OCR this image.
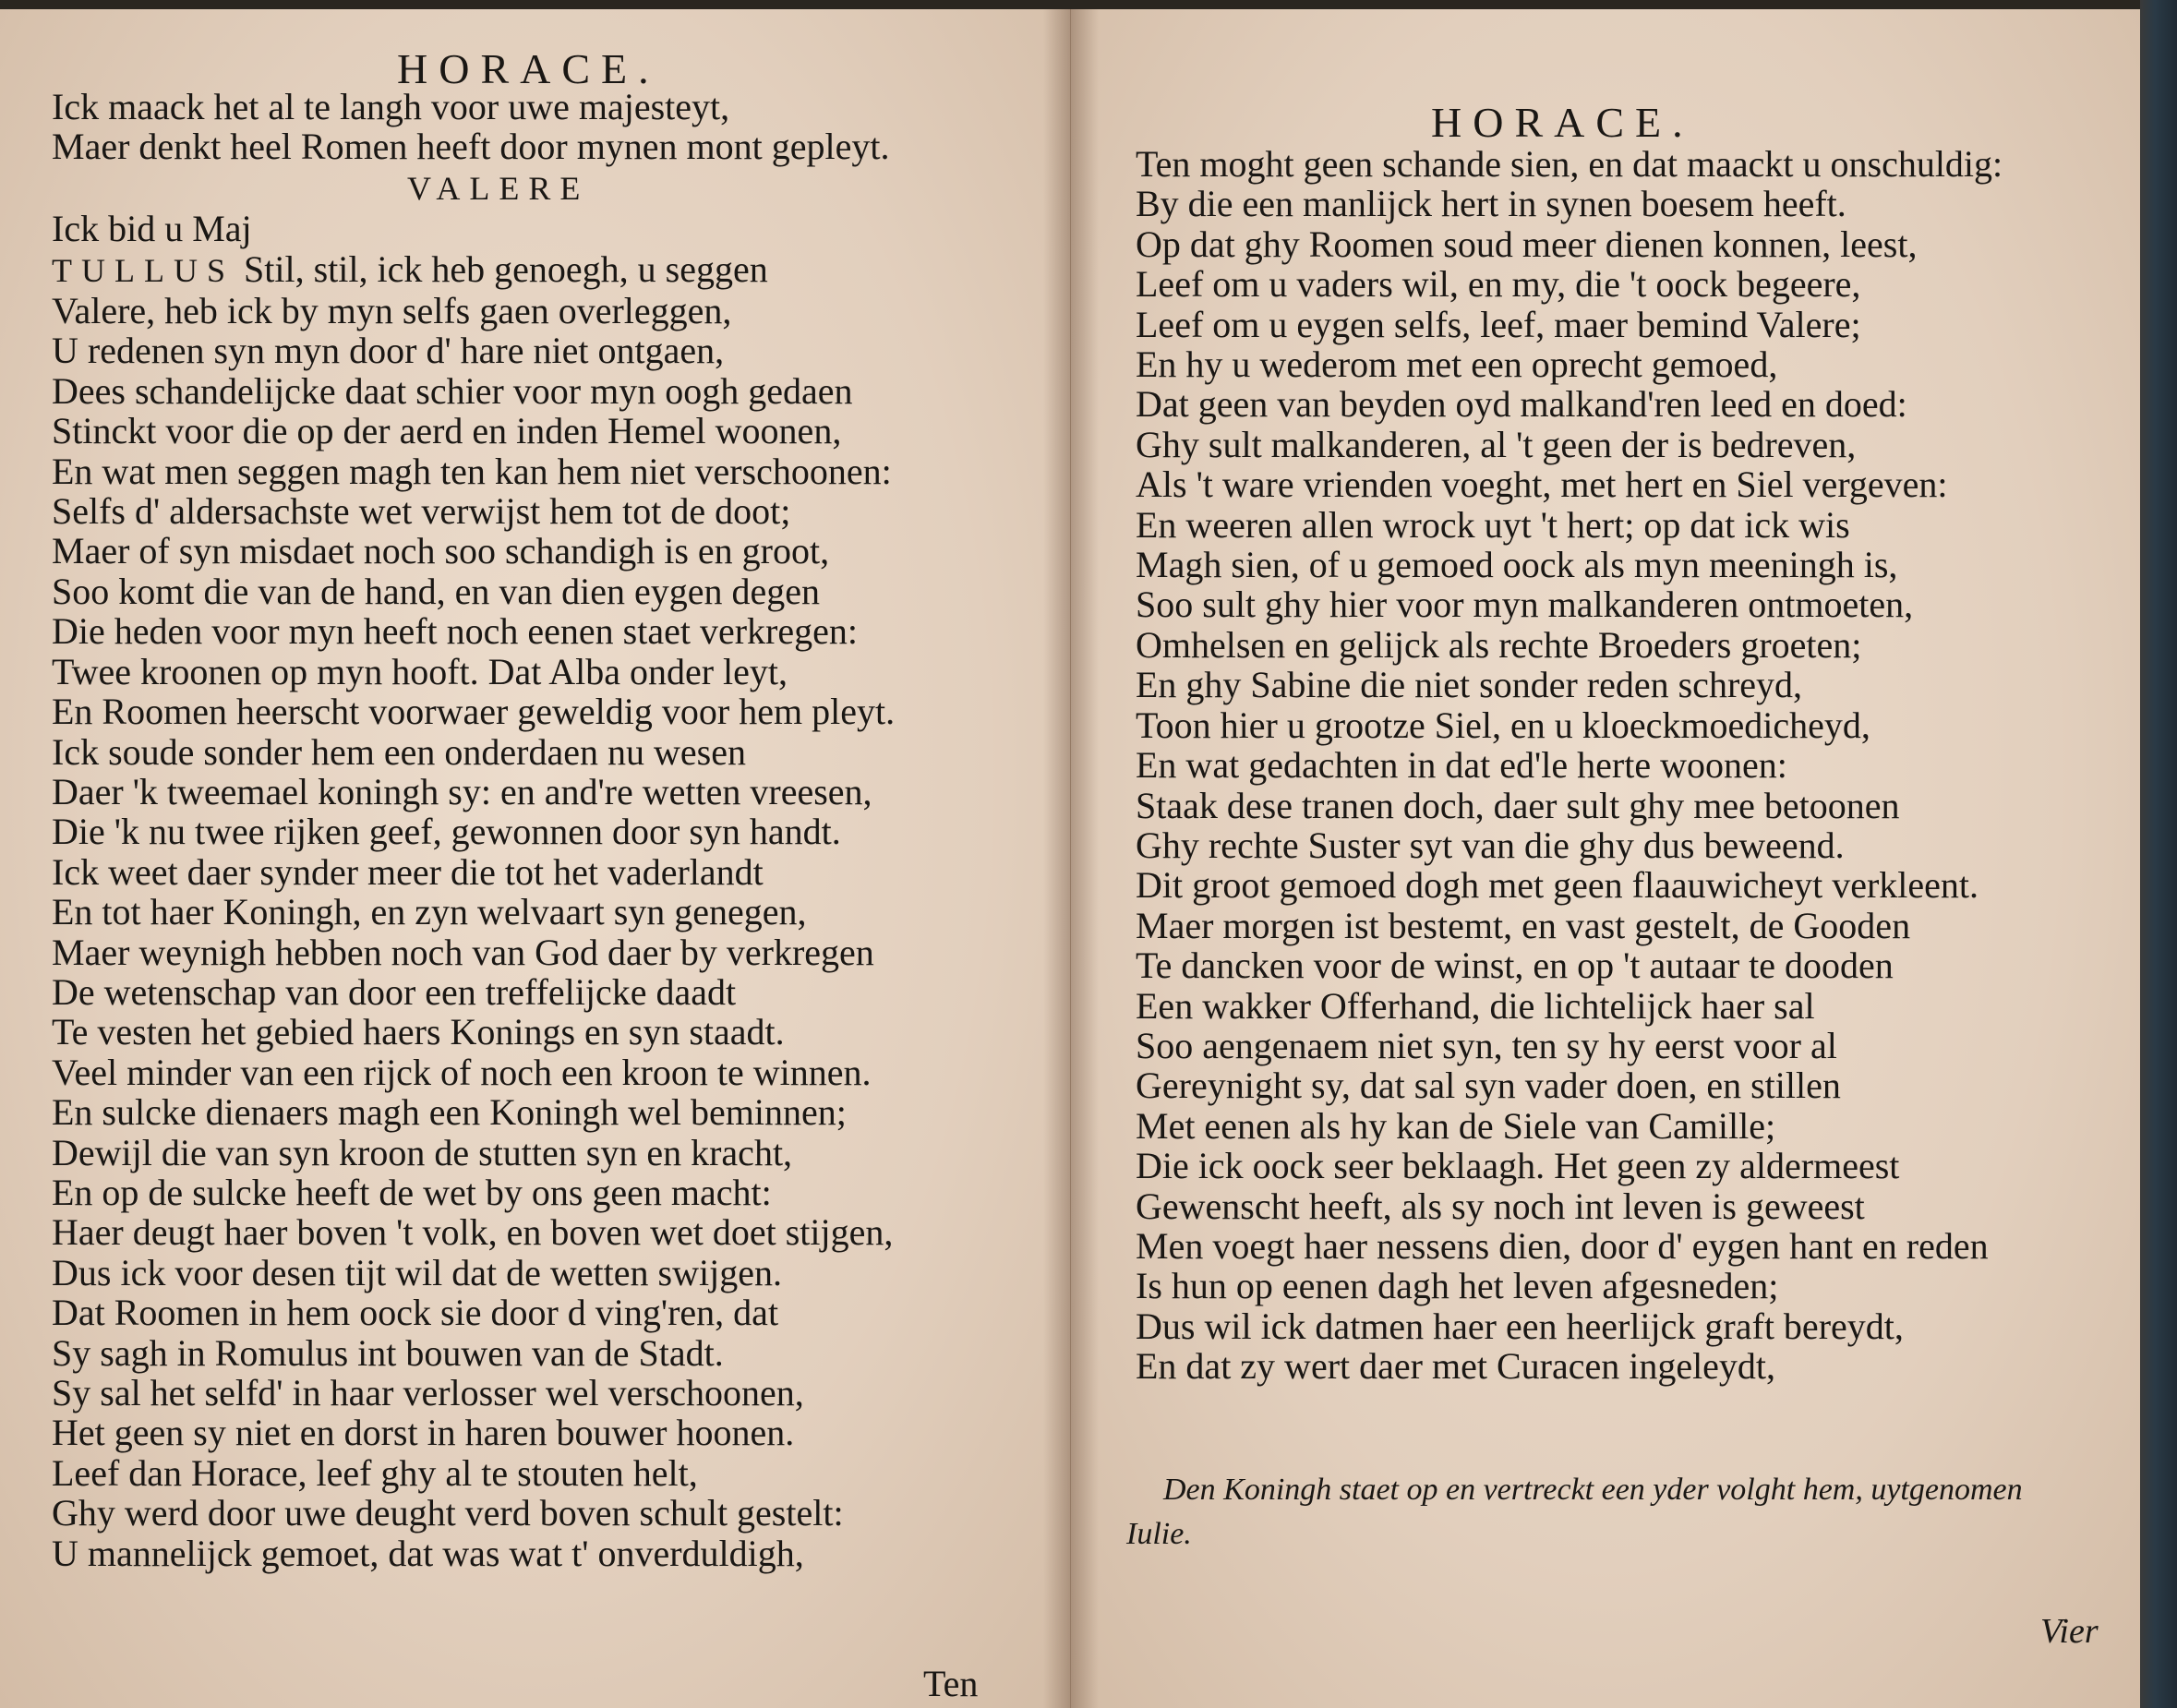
HORACE.
Ick maack het al te langh voor uwe majesteyt,
Maer denkt heel Romen heeft door mynen mont gepleyt.
VALERE
Ick bid u Maj
TULLUS Stil, stil, ick heb genoegh, u seggen
Valere, heb ick by myn selfs gaen overleggen,
U redenen syn myn door d' hare niet ontgaen,
Dees schandelijcke daat schier voor myn oogh gedaen
Stinckt voor die op der aerd en inden Hemel woonen,
En wat men seggen magh ten kan hem niet verschoonen:
Selfs d' aldersachste wet verwijst hem tot de doot;
Maer of syn misdaet noch soo schandigh is en groot,
Soo komt die van de hand, en van dien eygen degen
Die heden voor myn heeft noch eenen staet verkregen:
Twee kroonen op myn hooft. Dat Alba onder leyt,
En Roomen heerscht voorwaer geweldig voor hem pleyt.
Ick soude sonder hem een onderdaen nu wesen
Daer 'k tweemael koningh sy: en and're wetten vreesen,
Die 'k nu twee rijken geef, gewonnen door syn handt.
Ick weet daer synder meer die tot het vaderlandt
En tot haer Koningh, en zyn welvaart syn genegen,
Maer weynigh hebben noch van God daer by verkregen
De wetenschap van door een treffelijcke daadt
Te vesten het gebied haers Konings en syn staadt.
Veel minder van een rijck of noch een kroon te winnen.
En sulcke dienaers magh een Koningh wel beminnen;
Dewijl die van syn kroon de stutten syn en kracht,
En op de sulcke heeft de wet by ons geen macht:
Haer deugt haer boven 't volk, en boven wet doet stijgen,
Dus ick voor desen tijt wil dat de wetten swijgen.
Dat Roomen in hem oock sie door d ving'ren, dat
Sy sagh in Romulus int bouwen van de Stadt.
Sy sal het selfd' in haar verlosser wel verschoonen,
Het geen sy niet en dorst in haren bouwer hoonen.
Leef dan Horace, leef ghy al te stouten helt,
Ghy werd door uwe deught verd boven schult gestelt:
U mannelijck gemoet, dat was wat t' onverduldigh,
Ten
HORACE.
Ten moght geen schande sien, en dat maackt u onschuldig:
By die een manlijck hert in synen boesem heeft.
Op dat ghy Roomen soud meer dienen konnen, leest,
Leef om u vaders wil, en my, die 't oock begeere,
Leef om u eygen selfs, leef, maer bemind Valere;
En hy u wederom met een oprecht gemoed,
Dat geen van beyden oyd malkand'ren leed en doed:
Ghy sult malkanderen, al 't geen der is bedreven,
Als 't ware vrienden voeght, met hert en Siel vergeven:
En weeren allen wrock uyt 't hert; op dat ick wis
Magh sien, of u gemoed oock als myn meeningh is,
Soo sult ghy hier voor myn malkanderen ontmoeten,
Omhelsen en gelijck als rechte Broeders groeten;
En ghy Sabine die niet sonder reden schreyd,
Toon hier u grootze Siel, en u kloeckmoedicheyd,
En wat gedachten in dat ed'le herte woonen:
Staak dese tranen doch, daer sult ghy mee betoonen
Ghy rechte Suster syt van die ghy dus beweend.
Dit groot gemoed dogh met geen flaauwicheyt verkleent.
Maer morgen ist bestemt, en vast gestelt, de Gooden
Te dancken voor de winst, en op 't autaar te dooden
Een wakker Offerhand, die lichtelijck haer sal
Soo aengenaem niet syn, ten sy hy eerst voor al
Gereynight sy, dat sal syn vader doen, en stillen
Met eenen als hy kan de Siele van Camille;
Die ick oock seer beklaagh. Het geen zy aldermeest
Gewenscht heeft, als sy noch int leven is geweest
Men voegt haer nessens dien, door d' eygen hant en reden
Is hun op eenen dagh het leven afgesneden;
Dus wil ick datmen haer een heerlijck graft bereydt,
En dat zy wert daer met Curacen ingeleydt,
Den Koningh staet op en vertreckt een yder volght hem, uytgenomen Iulie.
Vier
